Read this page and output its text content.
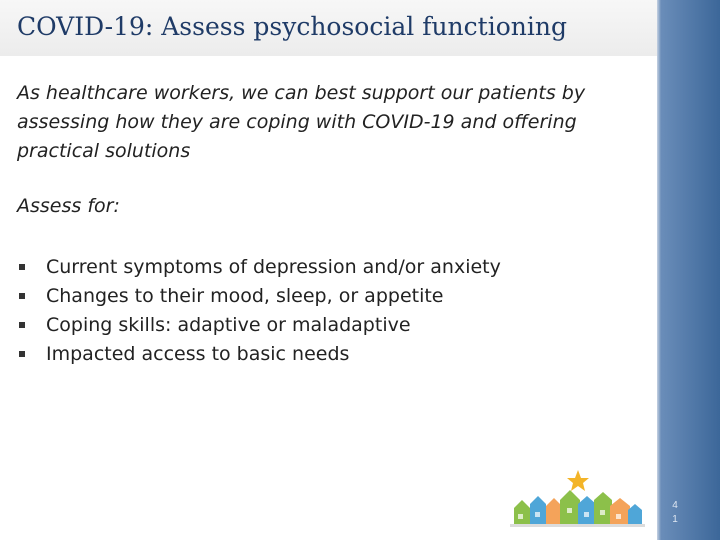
COVID-19: Assess psychosocial functioning
4
1

As healthcare workers, we can best support our patients by assessing how they are coping with COVID-19 and offering practical solutions

Assess for:

Current symptoms of depression and/or anxiety
Changes to their mood, sleep, or appetite
Coping skills: adaptive or maladaptive
Impacted access to basic needs
